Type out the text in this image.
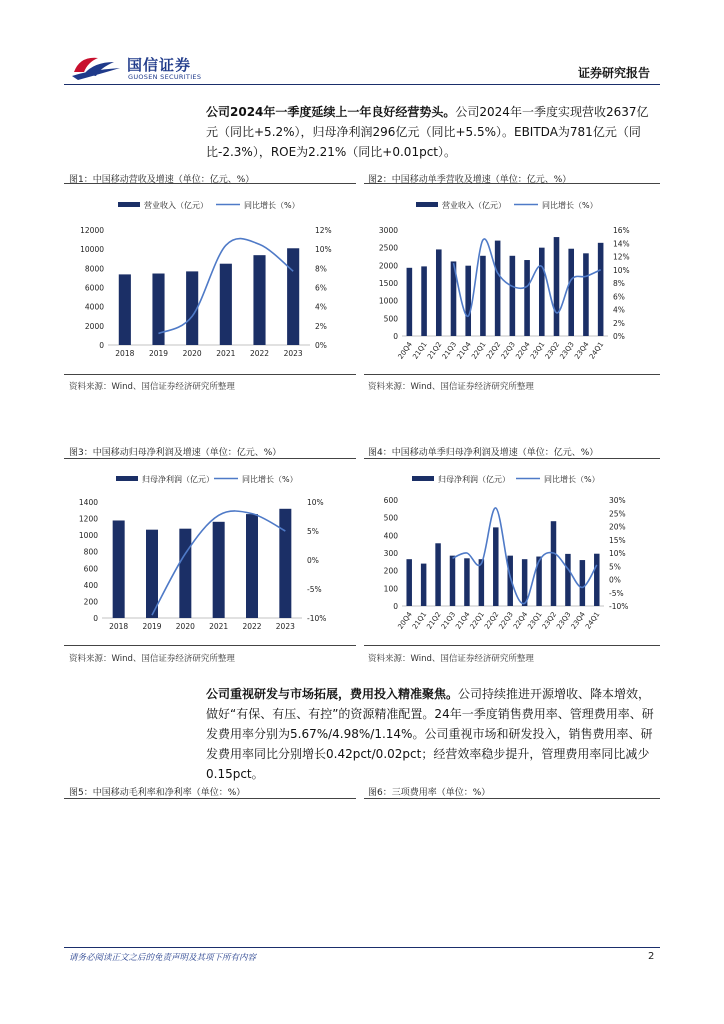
国信证券
GUOSEN SECURITIES	证券研究报告
公司2024年一季度延续上一年良好经营势头。公司2024年一季度实现营收2637亿元（同比+5.2%），归母净利润296亿元（同比+5.5%）。EBITDA为781亿元（同比-2.3%），ROE为2.21%（同比+0.01pct）。
图1：中国移动营收及增速（单位：亿元、%）	图2：中国移动单季营收及增速（单位：亿元、%）
营业收入（亿元）	同比增长（%）
0
2000
4000
6000
8000
10000
12000
0%
2%
4%
6%
8%
10%
12%
2018 2019 2020 2021 2022 2023
营业收入（亿元）	同比增长（%）
0
500
1000
1500
2000
2500
3000
0%
2%
4%
6%
8%
10%
12%
14%
16%
20Q4
21Q1
21Q2
21Q3
21Q4
22Q1
22Q2
22Q3
22Q4
23Q1
23Q2
23Q3
23Q4
24Q1
资料来源：Wind、国信证券经济研究所整理	资料来源：Wind、国信证券经济研究所整理
图3：中国移动归母净利润及增速（单位：亿元、%）	图4：中国移动单季归母净利润及增速（单位：亿元、%）
归母净利润（亿元）	同比增长（%）
0
200
400
600
800
1000
1200
1400
-10%
-5%
0%
5%
10%
2018 2019 2020 2021 2022 2023
归母净利润（亿元）	同比增长（%）
0
100
200
300
400
500
600
-10%
-5%
0%
5%
10%
15%
20%
25%
30%
20Q4
21Q1
21Q2
21Q3
21Q4
22Q1
22Q2
22Q3
22Q4
23Q1
23Q2
23Q3
23Q4
24Q1
资料来源：Wind、国信证券经济研究所整理	资料来源：Wind、国信证券经济研究所整理
公司重视研发与市场拓展，费用投入精准聚焦。公司持续推进开源增收、降本增效，做好“有保、有压、有控”的资源精准配置。24年一季度销售费用率、管理费用率、研发费用率分别为5.67%/4.98%/1.14%。公司重视市场和研发投入，销售费用率、研发费用率同比分别增长0.42pct/0.02pct；经营效率稳步提升，管理费用率同比减少0.15pct。
图5：中国移动毛利率和净利率（单位：%）	图6：三项费用率（单位：%）
请务必阅读正文之后的免责声明及其项下所有内容	2
